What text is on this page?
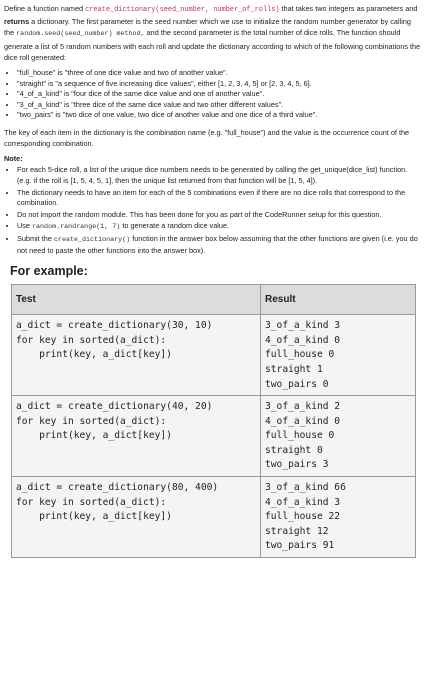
Define a function named create_dictionary(seed_number, number_of_rolls) that takes two integers as parameters and returns a dictionary. The first parameter is the seed number which we use to initialize the random number generator by calling the random.seed(seed_number) method, and the second parameter is the total number of dice rolls. The function should generate a list of 5 random numbers with each roll and update the dictionary according to which of the following combinations the dice roll generated:

• "full_house" is "three of one dice value and two of another value".
• "straight" is "a sequence of five increasing dice values", either [1, 2, 3, 4, 5] or [2, 3, 4, 5, 6].
• "4_of_a_kind" is "four dice of the same dice value and one of another value".
• "3_of_a_kind" is "three dice of the same dice value and two other different values".
• "two_pairs" is "two dice of one value, two dice of another value and one dice of a third value".

The key of each item in the dictionary is the combination name (e.g. "full_house") and the value is the occurrence count of the corresponding combination.

Note:
• For each 5-dice roll, a list of the unique dice numbers needs to be generated by calling the get_unique(dice_list) function. (e.g. if the roll is [1, 5, 4, 5, 1], then the unique list returned from that function will be [1, 5, 4]).
• The dictionary needs to have an item for each of the 5 combinations even if there are no dice rolls that correspond to the combination.
• Do not import the random module. This has been done for you as part of the CodeRunner setup for this question.
• Use random.randrange(1, 7) to generate a random dice value.
• Submit the create_dictionary() function in the answer box below assuming that the other functions are given (i.e. you do not need to paste the other functions into the answer box).
For example:
Test	Result
a_dict = create_dictionary(30, 10)
for key in sorted(a_dict):
print(key, a_dict[key])	3_of_a_kind 3
4_of_a_kind 0
full_house 0
straight 1
two_pairs 0

a_dict = create_dictionary(40, 20)
for key in sorted(a_dict):
print(key, a_dict[key])	3_of_a_kind 2
4_of_a_kind 0
full_house 0
straight 0
two_pairs 3

a_dict = create_dictionary(80, 400)
for key in sorted(a_dict):
print(key, a_dict[key])	3_of_a_kind 66
4_of_a_kind 3
full_house 22
straight 12
two_pairs 91
